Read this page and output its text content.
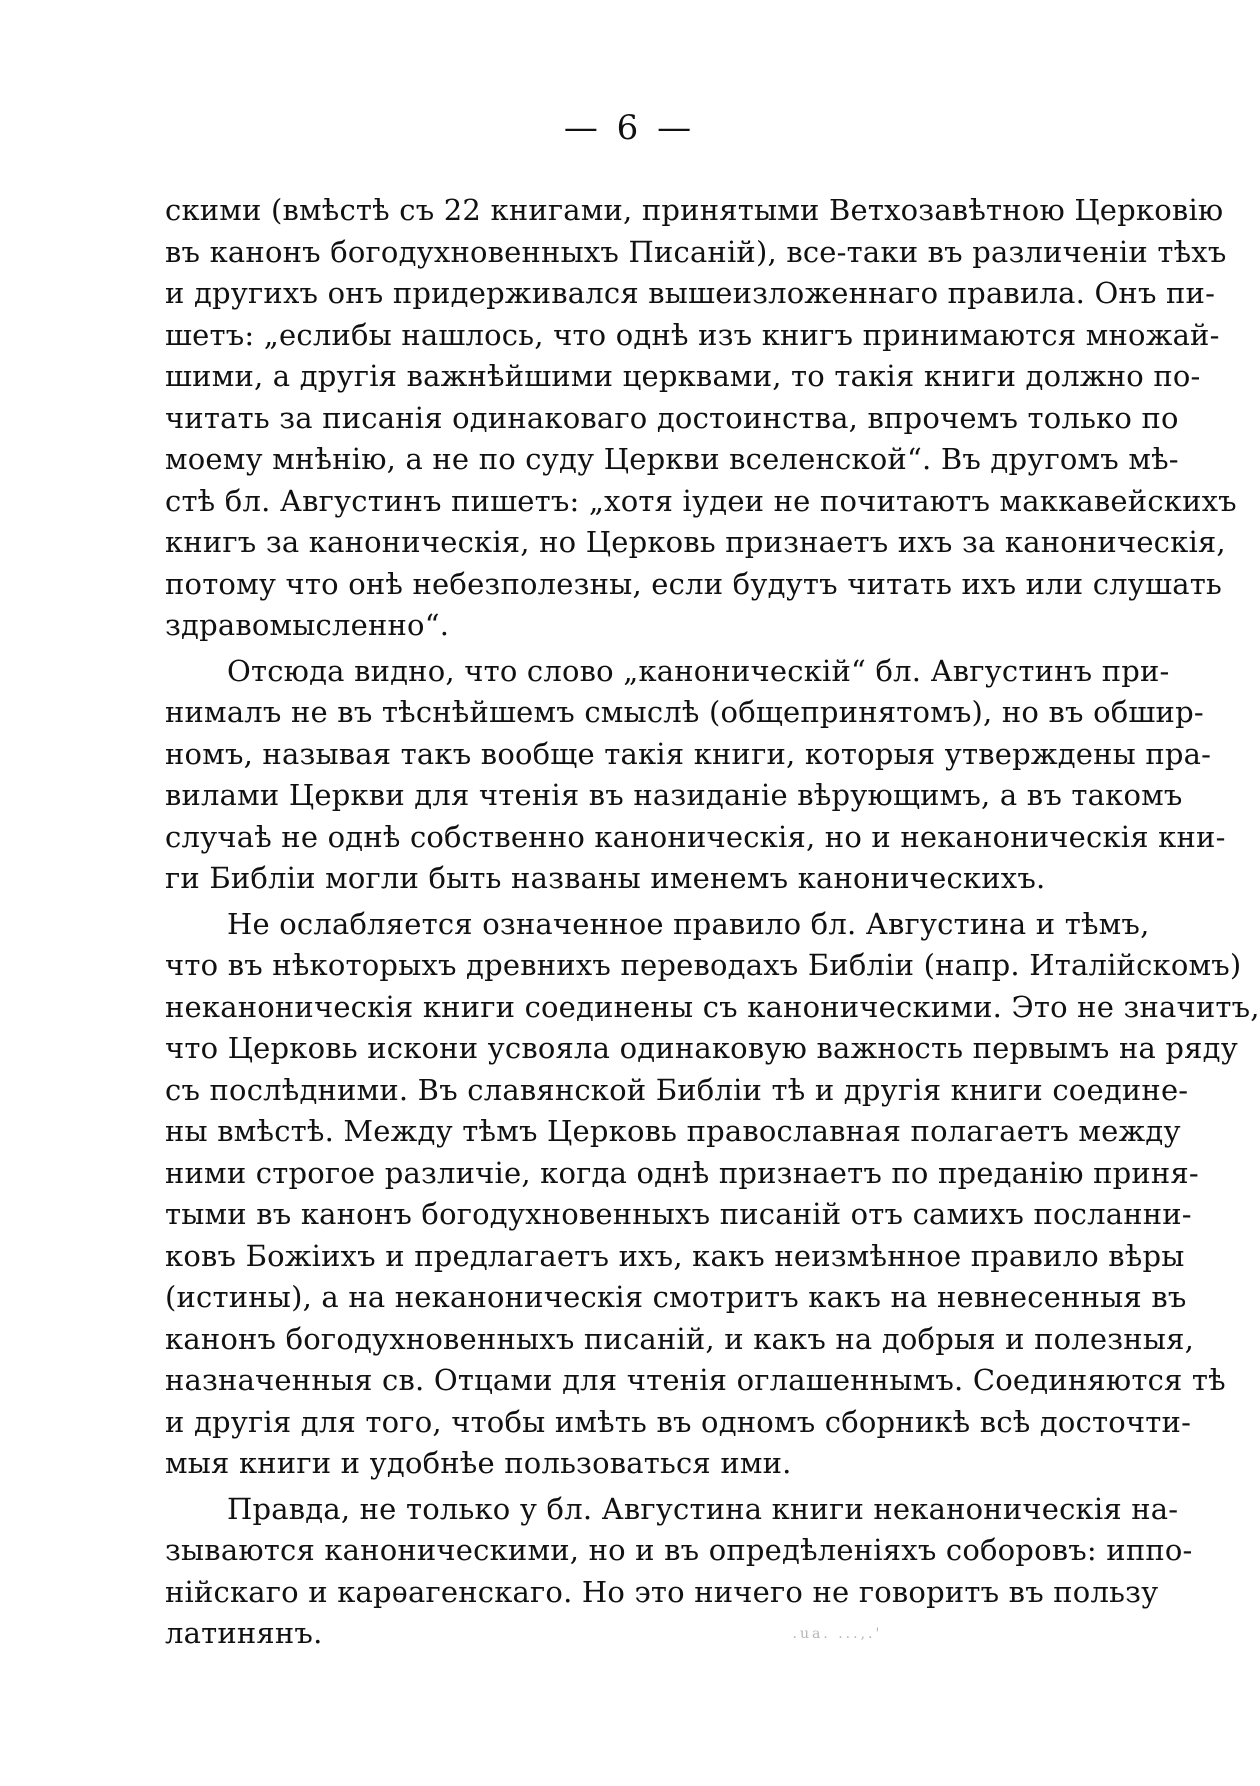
— 6 —
скими (вмѣстѣ съ 22 книгами, принятыми Ветхозавѣтною Церковію
въ канонъ богодухновенныхъ Писаній), все-таки въ различеніи тѣхъ
и другихъ онъ придерживался вышеизложеннаго правила. Онъ пи-
шетъ: „еслибы нашлось, что однѣ изъ книгъ принимаются множай-
шими, а другія важнѣйшими церквами, то такія книги должно по-
читать за писанія одинаковаго достоинства, впрочемъ только по
моему мнѣнію, а не по суду Церкви вселенской“. Въ другомъ мѣ-
стѣ бл. Августинъ пишетъ: „хотя іудеи не почитаютъ маккавейскихъ
книгъ за каноническія, но Церковь признаетъ ихъ за каноническія,
потому что онѣ небезполезны, если будутъ читать ихъ или слушать
здравомысленно“.
Отсюда видно, что слово „каноническій“ бл. Августинъ при-
нималъ не въ тѣснѣйшемъ смыслѣ (общепринятомъ), но въ обшир-
номъ, называя такъ вообще такія книги, которыя утверждены пра-
вилами Церкви для чтенія въ назиданіе вѣрующимъ, а въ такомъ
случаѣ не однѣ собственно каноническія, но и неканоническія кни-
ги Библіи могли быть названы именемъ каноническихъ.
Не ослабляется означенное правило бл. Августина и тѣмъ,
что въ нѣкоторыхъ древнихъ переводахъ Библіи (напр. Италійскомъ)
неканоническія книги соединены съ каноническими. Это не значитъ,
что Церковь искони усвояла одинаковую важность первымъ на ряду
съ послѣдними. Въ славянской Библіи тѣ и другія книги соедине-
ны вмѣстѣ. Между тѣмъ Церковь православная полагаетъ между
ними строгое различіе, когда однѣ признаетъ по преданію приня-
тыми въ канонъ богодухновенныхъ писаній отъ самихъ посланни-
ковъ Божіихъ и предлагаетъ ихъ, какъ неизмѣнное правило вѣры
(истины), а на неканоническія смотритъ какъ на невнесенныя въ
канонъ богодухновенныхъ писаній, и какъ на добрыя и полезныя,
назначенныя св. Отцами для чтенія оглашеннымъ. Соединяются тѣ
и другія для того, чтобы имѣть въ одномъ сборникѣ всѣ досточти-
мыя книги и удобнѣе пользоваться ими.
Правда, не только у бл. Августина книги неканоническія на-
зываются каноническими, но и въ опредѣленіяхъ соборовъ: иппо-
нійскаго и карѳагенскаго. Но это ничего не говоритъ въ пользу
латинянъ.	.ua. ...,.'
